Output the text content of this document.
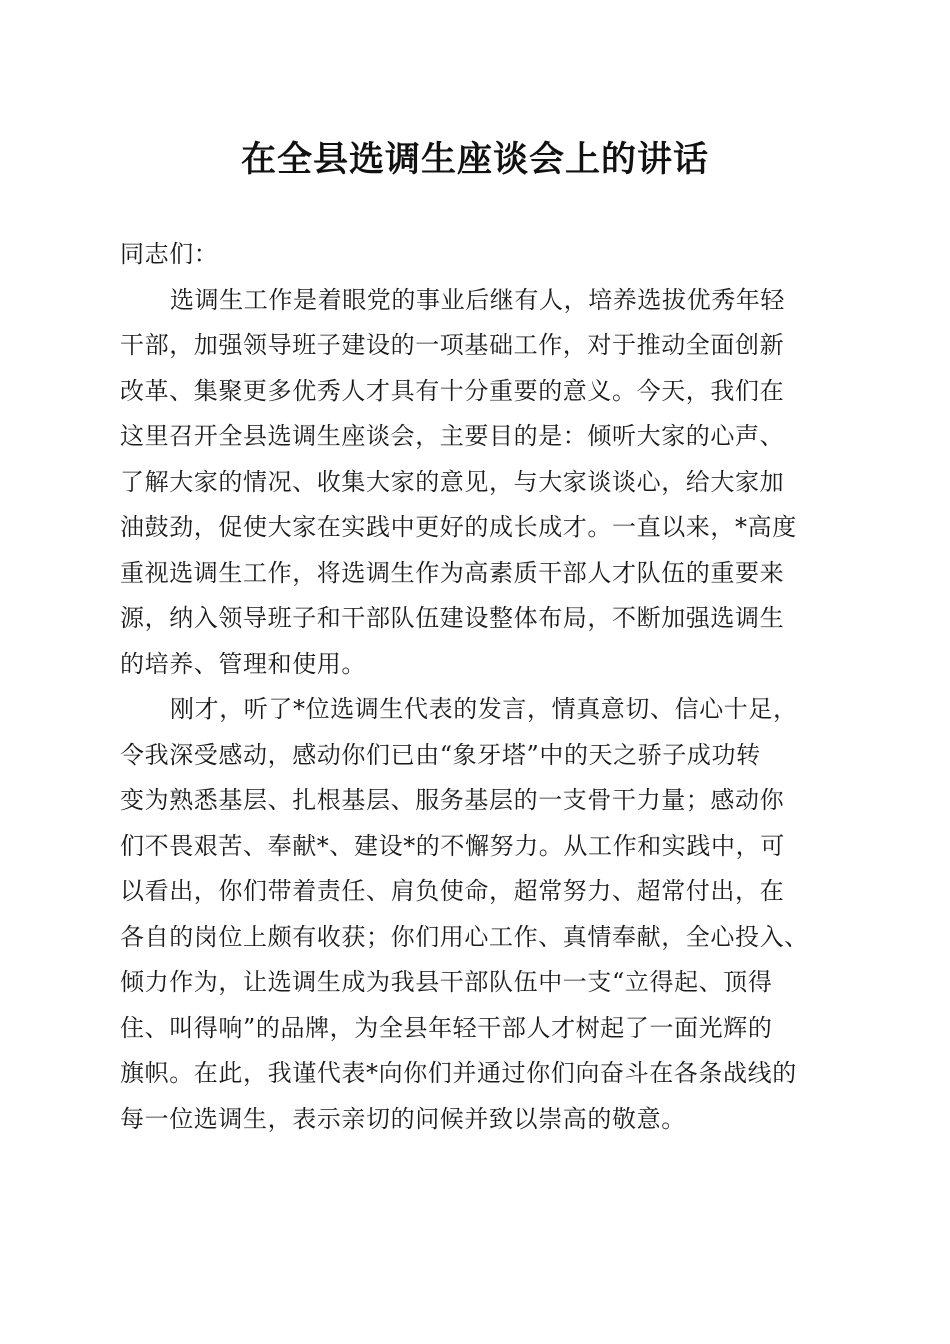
在全县选调生座谈会上的讲话
同志们：
选调生工作是着眼党的事业后继有人，培养选拔优秀年轻
干部，加强领导班子建设的一项基础工作，对于推动全面创新
改革、集聚更多优秀人才具有十分重要的意义。今天，我们在
这里召开全县选调生座谈会，主要目的是：倾听大家的心声、
了解大家的情况、收集大家的意见，与大家谈谈心，给大家加
油鼓劲，促使大家在实践中更好的成长成才。一直以来，*高度
重视选调生工作，将选调生作为高素质干部人才队伍的重要来
源，纳入领导班子和干部队伍建设整体布局，不断加强选调生
的培养、管理和使用。
刚才，听了*位选调生代表的发言，情真意切、信心十足，
令我深受感动，感动你们已由“象牙塔”中的天之骄子成功转
变为熟悉基层、扎根基层、服务基层的一支骨干力量；感动你
们不畏艰苦、奉献*、建设*的不懈努力。从工作和实践中，可
以看出，你们带着责任、肩负使命，超常努力、超常付出，在
各自的岗位上颇有收获；你们用心工作、真情奉献，全心投入、
倾力作为，让选调生成为我县干部队伍中一支“立得起、顶得
住、叫得响”的品牌，为全县年轻干部人才树起了一面光辉的
旗帜。在此，我谨代表*向你们并通过你们向奋斗在各条战线的
每一位选调生，表示亲切的问候并致以崇高的敬意。
